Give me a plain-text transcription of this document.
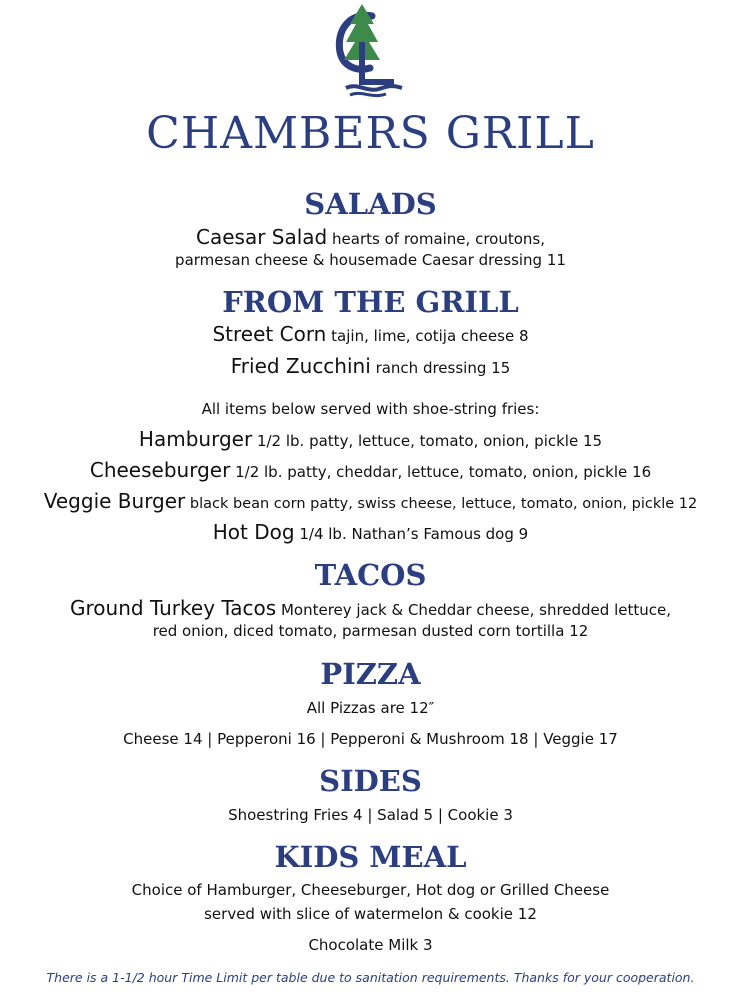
CHAMBERS GRILL
SALADS
Caesar Salad hearts of romaine, croutons,
parmesan cheese & housemade Caesar dressing 11
FROM THE GRILL
Street Corn tajin, lime, cotija cheese 8
Fried Zucchini ranch dressing 15
All items below served with shoe-string fries:
Hamburger 1/2 lb. patty, lettuce, tomato, onion, pickle 15
Cheeseburger 1/2 lb. patty, cheddar, lettuce, tomato, onion, pickle 16
Veggie Burger black bean corn patty, swiss cheese, lettuce, tomato, onion, pickle 12
Hot Dog 1/4 lb. Nathan’s Famous dog 9
TACOS
Ground Turkey Tacos Monterey jack & Cheddar cheese, shredded lettuce,
red onion, diced tomato, parmesan dusted corn tortilla 12
PIZZA
All Pizzas are 12″
Cheese 14 | Pepperoni 16 | Pepperoni & Mushroom 18 | Veggie 17
SIDES
Shoestring Fries 4 | Salad 5 | Cookie 3
KIDS MEAL
Choice of Hamburger, Cheeseburger, Hot dog or Grilled Cheese
served with slice of watermelon & cookie 12
Chocolate Milk 3
There is a 1-1/2 hour Time Limit per table due to sanitation requirements. Thanks for your cooperation.
